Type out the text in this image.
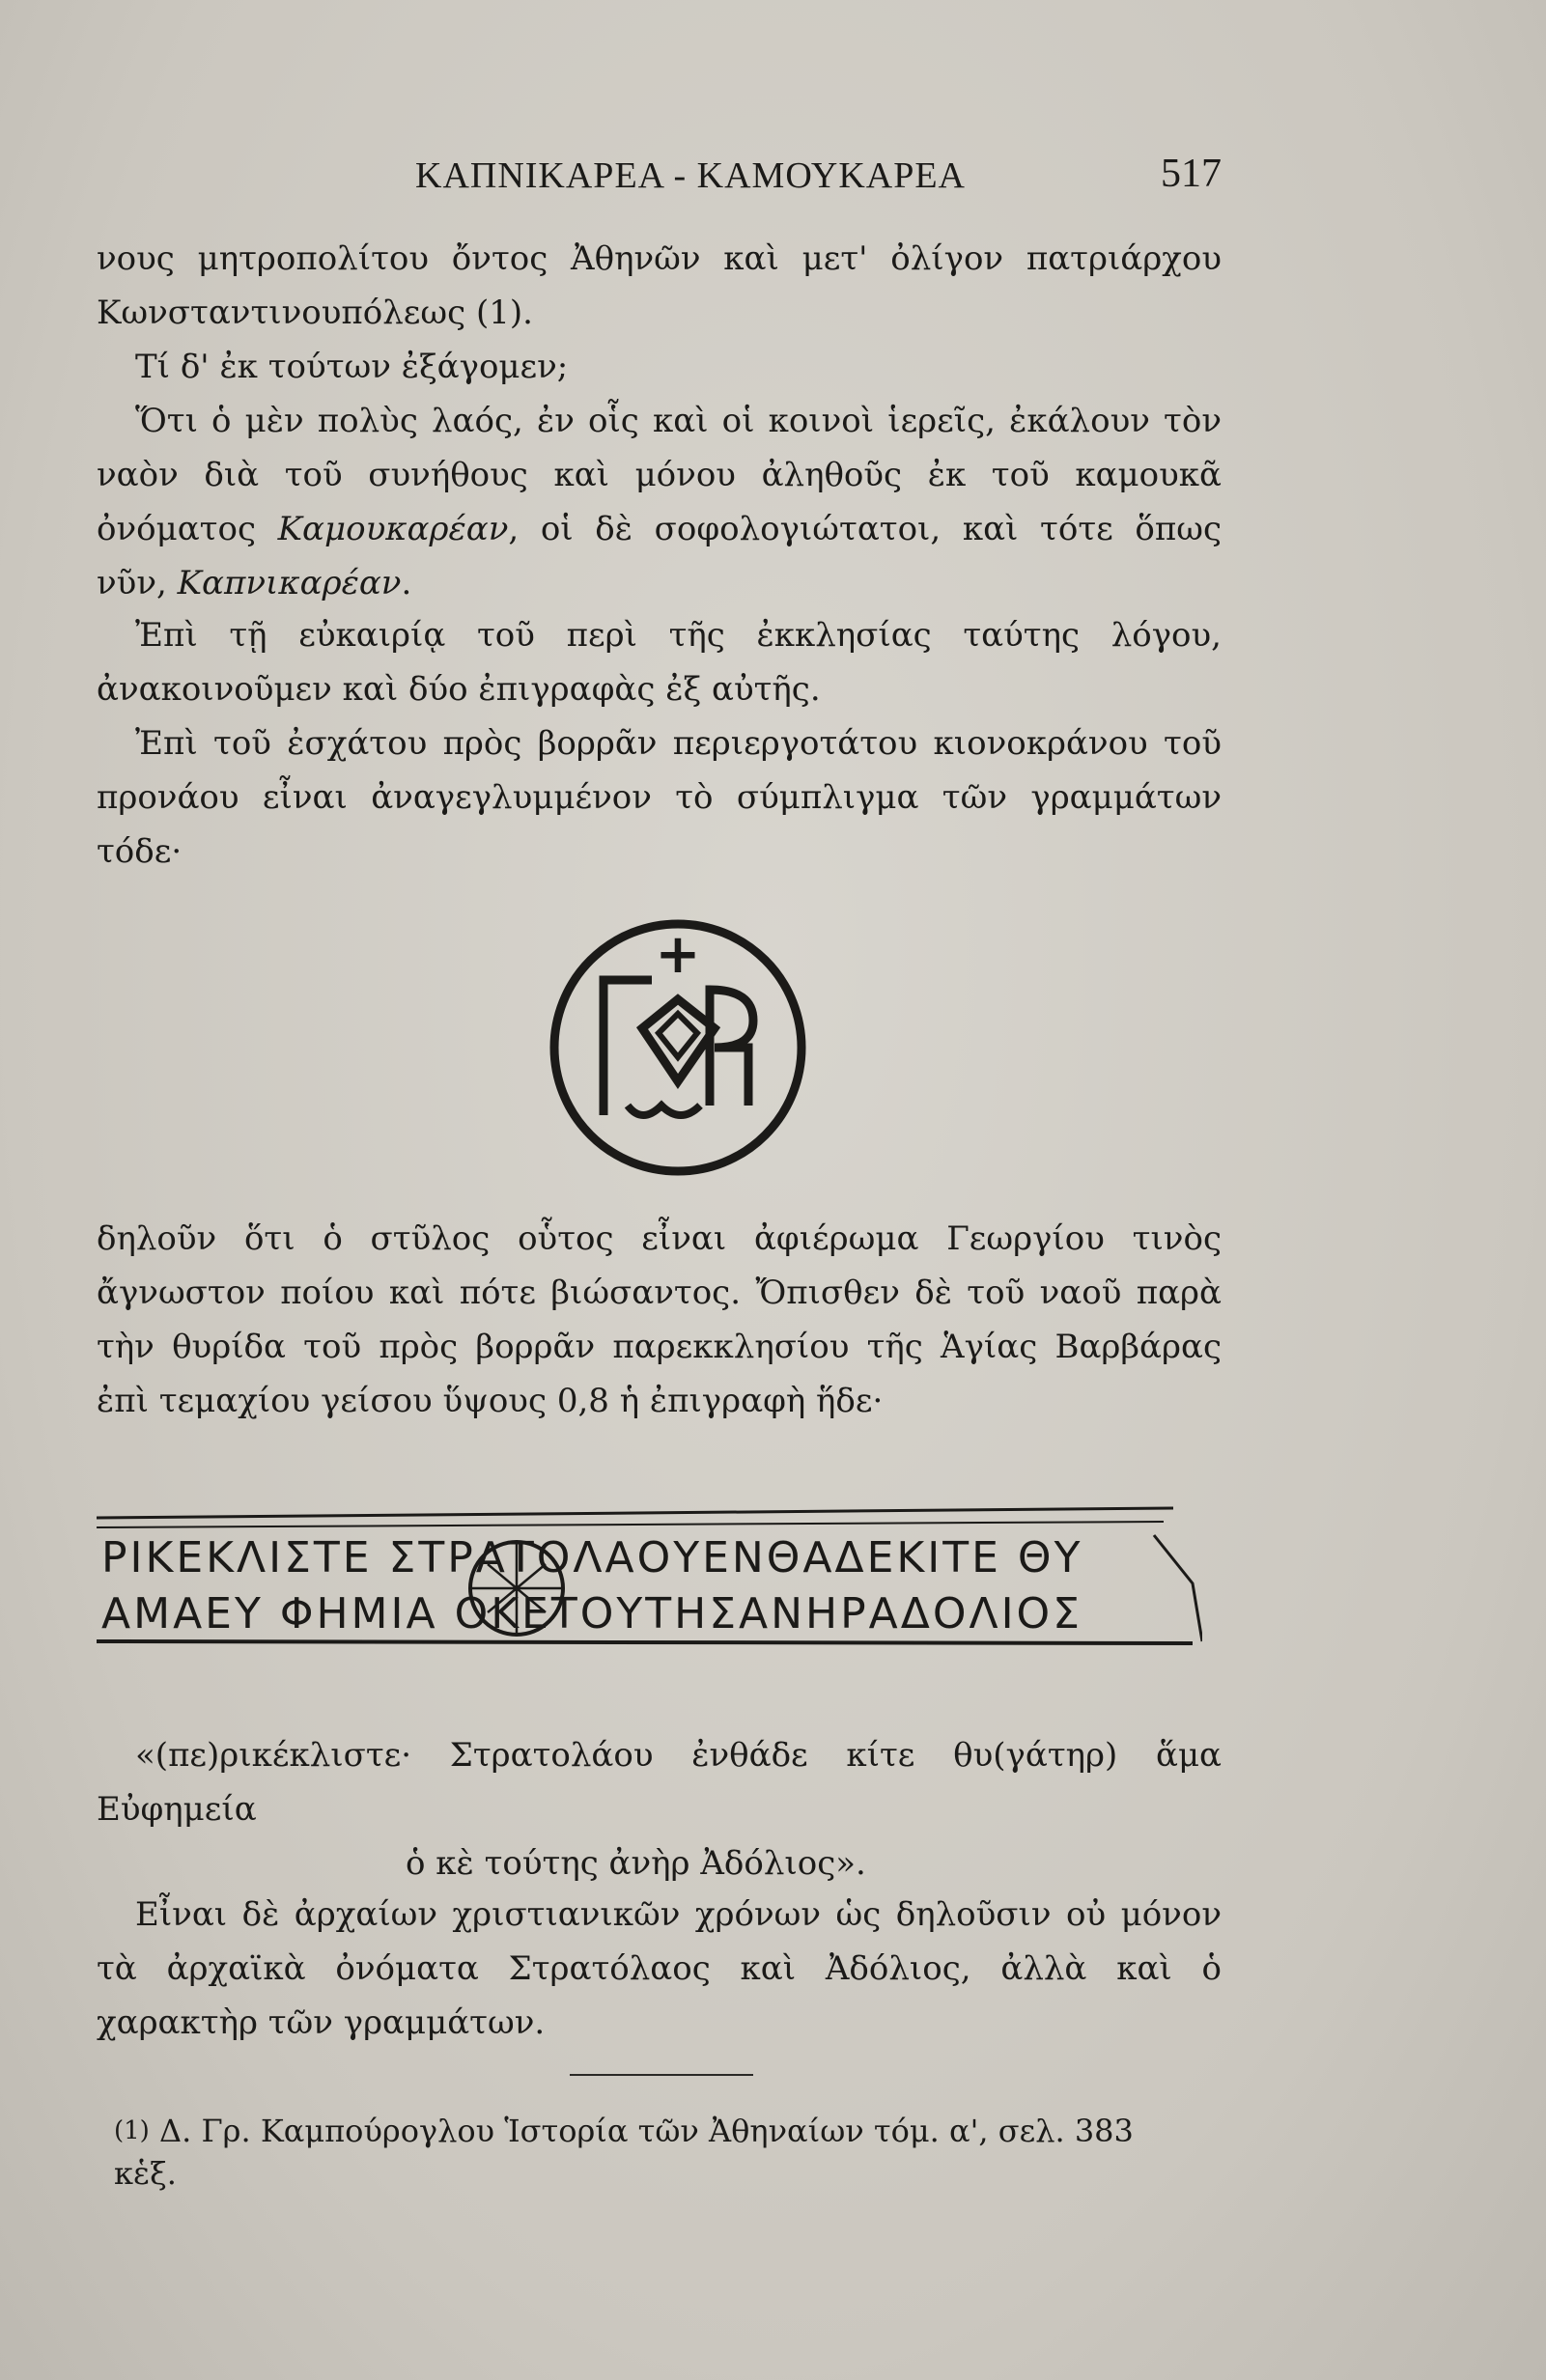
ΚΑΠΝΙΚΑΡΕΑ - ΚΑΜΟΥΚΑΡΕΑ	517

νους μητροπολίτου ὄντος Ἀθηνῶν καὶ μετ' ὀλίγον πατριάρχου Κωνσταντινουπόλεως (1).

Τί δ' ἐκ τούτων ἐξάγομεν;

Ὅτι ὁ μὲν πολὺς λαός, ἐν οἷς καὶ οἱ κοινοὶ ἱερεῖς, ἐκάλουν τὸν ναὸν διὰ τοῦ συνήθους καὶ μόνου ἀληθοῦς ἐκ τοῦ καμουκᾶ ὀνόματος Καμουκαρέαν, οἱ δὲ σοφολογιώτατοι, καὶ τότε ὅπως νῦν, Καπνικαρέαν.

Ἐπὶ τῇ εὐκαιρίᾳ τοῦ περὶ τῆς ἐκκλησίας ταύτης λόγου, ἀνακοινοῦμεν καὶ δύο ἐπιγραφὰς ἐξ αὐτῆς.

Ἐπὶ τοῦ ἐσχάτου πρὸς βορρᾶν περιεργοτάτου κιονοκράνου τοῦ προνάου εἶναι ἀναγεγλυμμένον τὸ σύμπλιγμα τῶν γραμμάτων τόδε·

+

δηλοῦν ὅτι ὁ στῦλος οὗτος εἶναι ἀφιέρωμα Γεωργίου τινὸς ἄγνωστον ποίου καὶ πότε βιώσαντος. Ὄπισθεν δὲ τοῦ ναοῦ παρὰ τὴν θυρίδα τοῦ πρὸς βορρᾶν παρεκκλησίου τῆς Ἁγίας Βαρβάρας ἐπὶ τεμαχίου γείσου ὕψους 0,8 ἡ ἐπιγραφὴ ἥδε·

ΡΙΚΕΚΛΙΣΤΕ ΣΤΡΑΤΟΛΑΟΥΕΝΘΑΔΕΚΙΤΕ ΘΥ
ΑΜΑΕΥ ΦΗΜΙΑ ΟΚΕΤΟΥΤΗΣΑΝΗΡΑΔΟΛΙΟΣ

«(πε)ρικέκλιστε· Στρατολάου ἐνθάδε κίτε θυ(γάτηρ) ἅμα Εὐφημεία

ὁ κὲ τούτης ἀνὴρ Ἀδόλιος».

Εἶναι δὲ ἀρχαίων χριστιανικῶν χρόνων ὡς δηλοῦσιν οὐ μόνον τὰ ἀρχαϊκὰ ὀνόματα Στρατόλαος καὶ Ἀδόλιος, ἀλλὰ καὶ ὁ χαρακτὴρ τῶν γραμμάτων.

$^{(1)}$ Δ. Γρ. Καμπούρογλου Ἱστορία τῶν Ἀθηναίων τόμ. α', σελ. 383 κἑξ.
